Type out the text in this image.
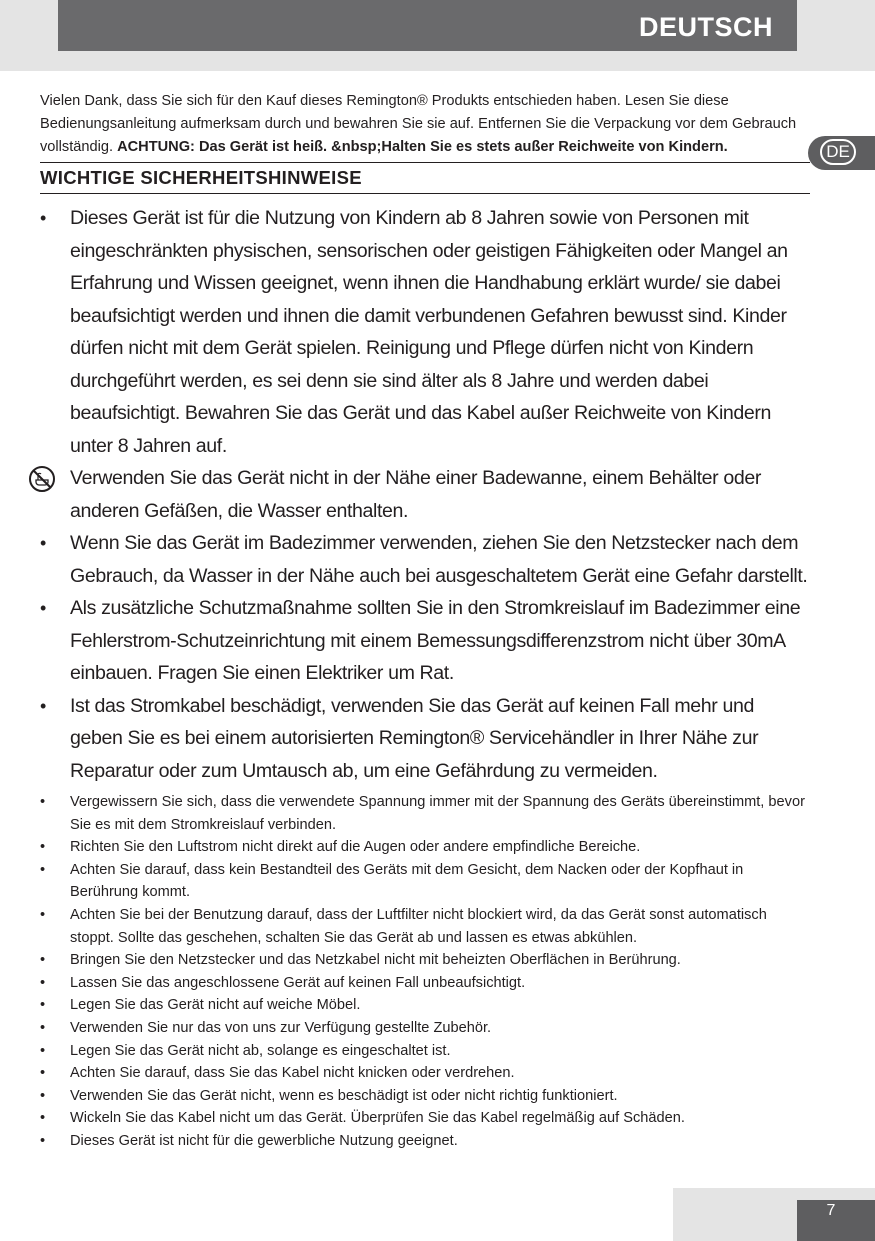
DEUTSCH
DE

Vielen Dank, dass Sie sich für den Kauf dieses Remington® Produkts entschieden haben. Lesen Sie diese Bedienungsanleitung aufmerksam durch und bewahren Sie sie auf. Entfernen Sie die Verpackung vor dem Gebrauch vollständig. ACHTUNG: Das Gerät ist heiß. &nbsp;Halten Sie es stets außer Reichweite von Kindern.

WICHTIGE SICHERHEITSHINWEISE
•	Dieses Gerät ist für die Nutzung von Kindern ab 8 Jahren sowie von Personen mit eingeschränkten physischen, sensorischen oder geistigen Fähigkeiten oder Mangel an Erfahrung und Wissen geeignet, wenn ihnen die Handhabung erklärt wurde/ sie dabei beaufsichtigt werden und ihnen die damit verbundenen Gefahren bewusst sind. Kinder dürfen nicht mit dem Gerät spielen. Reinigung und Pflege dürfen nicht von Kindern durchgeführt werden, es sei denn sie sind älter als 8 Jahre und werden dabei beaufsichtigt. Bewahren Sie das Gerät und das Kabel außer Reichweite von Kindern unter 8 Jahren auf.
Verwenden Sie das Gerät nicht in der Nähe einer Badewanne, einem Behälter oder anderen Gefäßen, die Wasser enthalten.
•	Wenn Sie das Gerät im Badezimmer verwenden, ziehen Sie den Netzstecker nach dem Gebrauch, da Wasser in der Nähe auch bei ausgeschaltetem Gerät eine Gefahr darstellt.
•	Als zusätzliche Schutzmaßnahme sollten Sie in den Stromkreislauf im Badezimmer eine Fehlerstrom-Schutzeinrichtung mit einem Bemessungsdifferenzstrom nicht über 30mA einbauen. Fragen Sie einen Elektriker um Rat.
•	Ist das Stromkabel beschädigt, verwenden Sie das Gerät auf keinen Fall mehr und geben Sie es bei einem autorisierten Remington® Servicehändler in Ihrer Nähe zur Reparatur oder zum Umtausch ab, um eine Gefährdung zu vermeiden.
•	Vergewissern Sie sich, dass die verwendete Spannung immer mit der Spannung des Geräts übereinstimmt, bevor Sie es mit dem Stromkreislauf verbinden.
•	Richten Sie den Luftstrom nicht direkt auf die Augen oder andere empfindliche Bereiche.
•	Achten Sie darauf, dass kein Bestandteil des Geräts mit dem Gesicht, dem Nacken oder der Kopfhaut in Berührung kommt.
•	Achten Sie bei der Benutzung darauf, dass der Luftfilter nicht blockiert wird, da das Gerät sonst automatisch stoppt. Sollte das geschehen, schalten Sie das Gerät ab und lassen es etwas abkühlen.
•	Bringen Sie den Netzstecker und das Netzkabel nicht mit beheizten Oberflächen in Berührung.
•	Lassen Sie das angeschlossene Gerät auf keinen Fall unbeaufsichtigt.
•	Legen Sie das Gerät nicht auf weiche Möbel.
•	Verwenden Sie nur das von uns zur Verfügung gestellte Zubehör.
•	Legen Sie das Gerät nicht ab, solange es eingeschaltet ist.
•	Achten Sie darauf, dass Sie das Kabel nicht knicken oder verdrehen.
•	Verwenden Sie das Gerät nicht, wenn es beschädigt ist oder nicht richtig funktioniert.
•	Wickeln Sie das Kabel nicht um das Gerät. Überprüfen Sie das Kabel regelmäßig auf Schäden.
•	Dieses Gerät ist nicht für die gewerbliche Nutzung geeignet.
7
